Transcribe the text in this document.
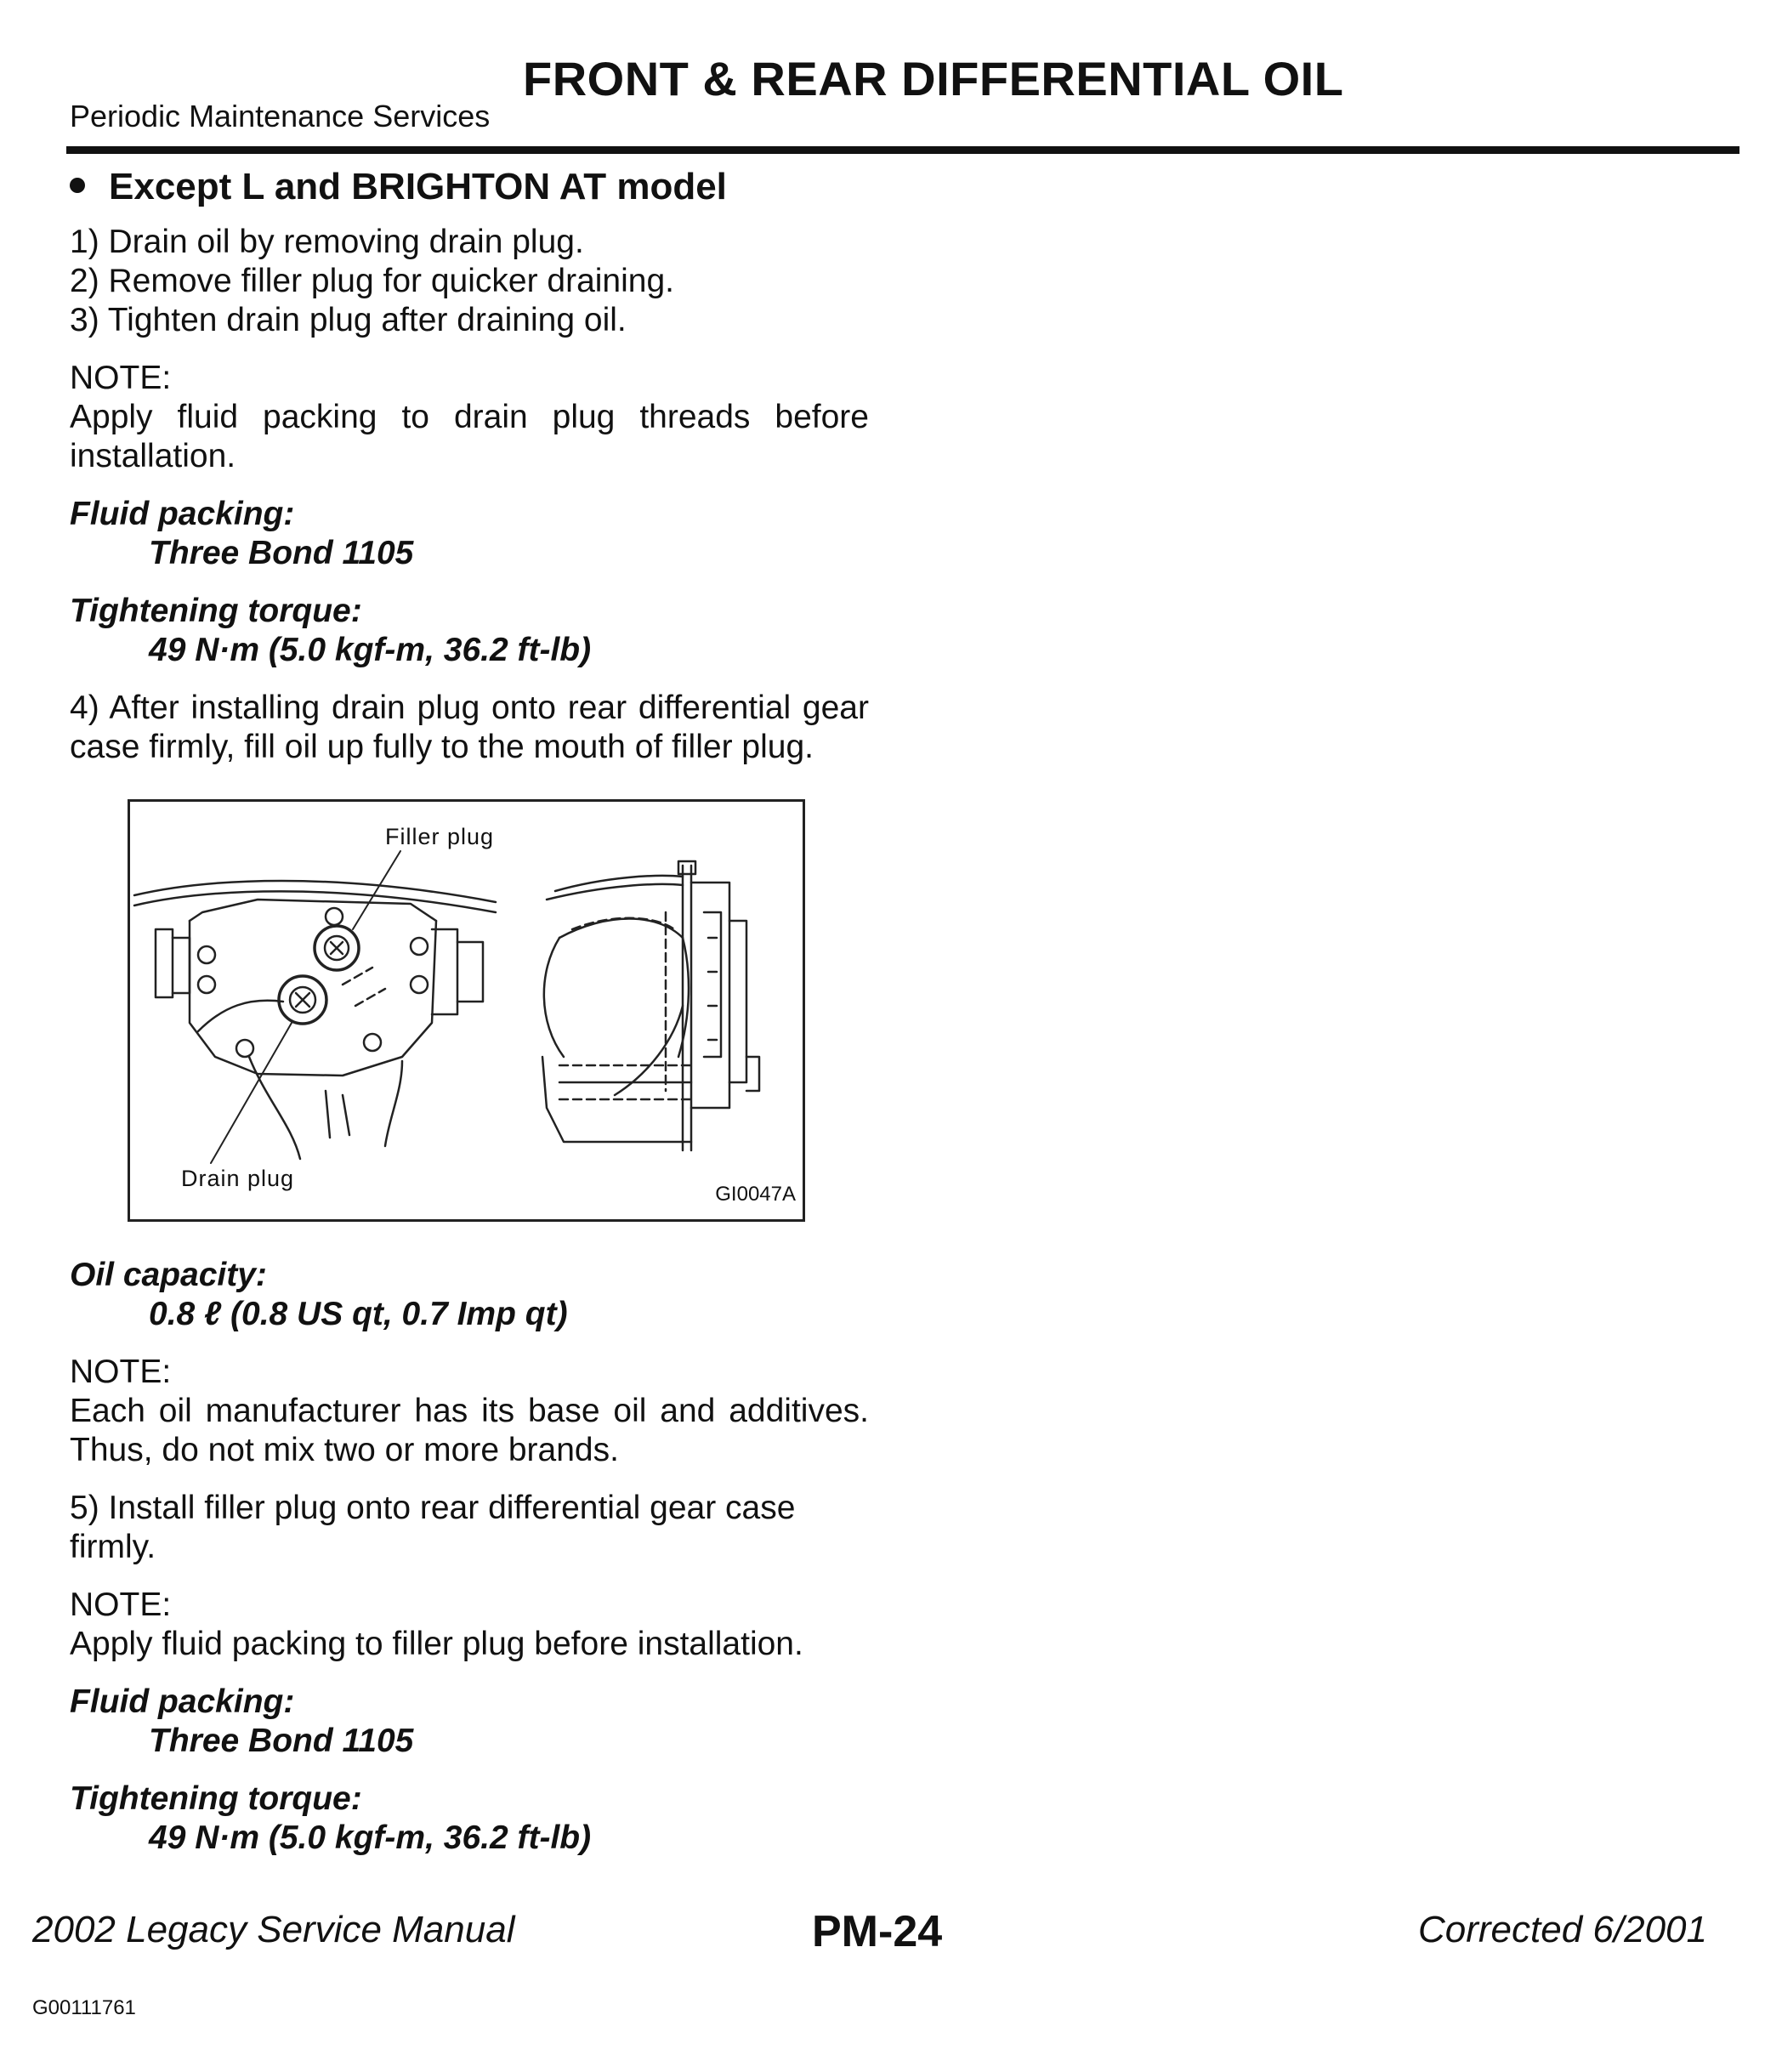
FRONT & REAR DIFFERENTIAL OIL
Periodic Maintenance Services
Except L and BRIGHTON AT model
1) Drain oil by removing drain plug.
2) Remove filler plug for quicker draining.
3) Tighten drain plug after draining oil.

NOTE:

Apply fluid packing to drain plug threads before installation.

Fluid packing:

Three Bond 1105

Tightening torque:

49 N·m (5.0 kgf-m, 36.2 ft-lb)

4) After installing drain plug onto rear differential gear case firmly, fill oil up fully to the mouth of filler plug.

Filler plug
Drain plug
GI0047A

Oil capacity:

0.8 ℓ (0.8 US qt, 0.7 Imp qt)

NOTE:

Each oil manufacturer has its base oil and additives. Thus, do not mix two or more brands.

5) Install filler plug onto rear differential gear case firmly.

NOTE:

Apply fluid packing to filler plug before installation.

Fluid packing:

Three Bond 1105

Tightening torque:

49 N·m (5.0 kgf-m, 36.2 ft-lb)

2002 Legacy Service Manual	PM-24	Corrected 6/2001
G00111761
